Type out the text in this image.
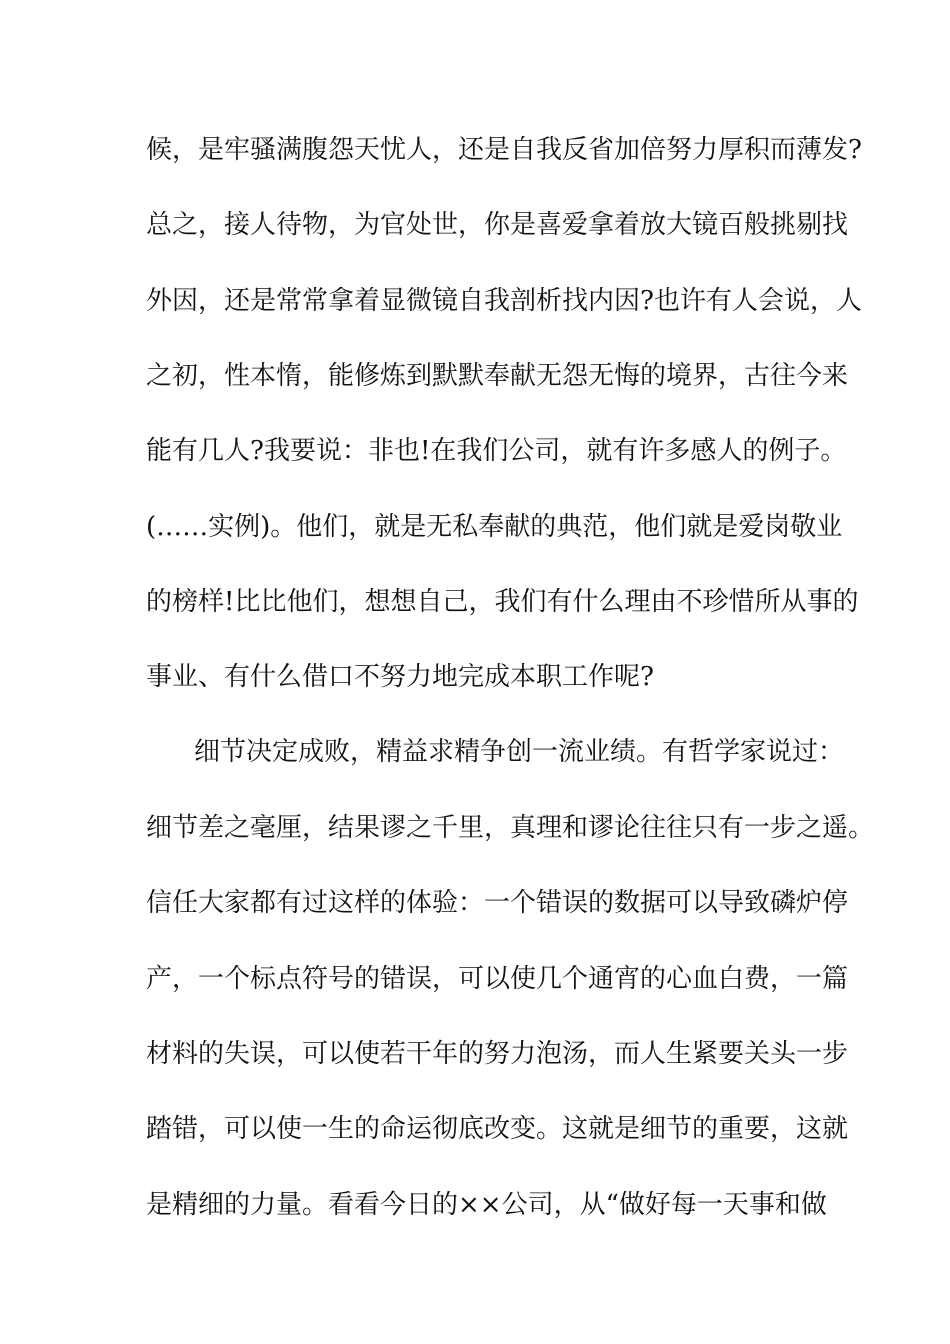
候，是牢骚满腹怨天忧人，还是自我反省加倍努力厚积而薄发?
总之，接人待物，为官处世，你是喜爱拿着放大镜百般挑剔找
外因，还是常常拿着显微镜自我剖析找内因?也许有人会说，人
之初，性本惰，能修炼到默默奉献无怨无悔的境界，古往今来
能有几人?我要说：非也!在我们公司，就有许多感人的例子。
(……实例)。他们，就是无私奉献的典范，他们就是爱岗敬业
的榜样!比比他们，想想自己，我们有什么理由不珍惜所从事的
事业、有什么借口不努力地完成本职工作呢?
细节决定成败，精益求精争创一流业绩。有哲学家说过：
细节差之毫厘，结果谬之千里，真理和谬论往往只有一步之遥。
信任大家都有过这样的体验：一个错误的数据可以导致磷炉停
产，一个标点符号的错误，可以使几个通宵的心血白费，一篇
材料的失误，可以使若干年的努力泡汤，而人生紧要关头一步
踏错，可以使一生的命运彻底改变。这就是细节的重要，这就
是精细的力量。看看今日的××公司，从“做好每一天事和做
